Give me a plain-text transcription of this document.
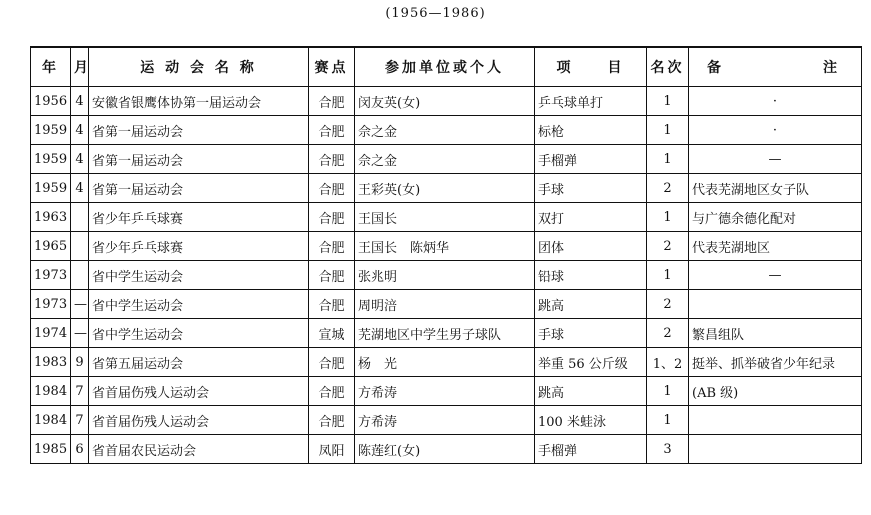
(1956—1986)
年	月	运 动 会 名 称	赛点	参加单位或个人	项　　目	名次	备 注

1956	4	安徽省银鹰体协第一届运动会	合肥	闵友英(女)	乒乓球单打	1	·
1959	4	省第一届运动会	合肥	佘之金	标枪	1	·
1959	4	省第一届运动会	合肥	佘之金	手榴弹	1	—
1959	4	省第一届运动会	合肥	王彩英(女)	手球	2	代表芜湖地区女子队
1963		省少年乒乓球赛	合肥	王国长	双打	1	与广德余德化配对
1965		省少年乒乓球赛	合肥	王国长　陈炳华	团体	2	代表芜湖地区
1973		省中学生运动会	合肥	张兆明	铅球	1	—
1973	—	省中学生运动会	合肥	周明涪	跳高	2	
1974	—	省中学生运动会	宣城	芜湖地区中学生男子球队	手球	2	繁昌组队
1983	9	省第五届运动会	合肥	杨　光	举重 56 公斤级	1、2	挺举、抓举破省少年纪录
1984	7	省首届伤残人运动会	合肥	方希涛	跳高	1	(AB 级)
1984	7	省首届伤残人运动会	合肥	方希涛	100 米蛙泳	1	
1985	6	省首届农民运动会	凤阳	陈莲红(女)	手榴弹	3	
